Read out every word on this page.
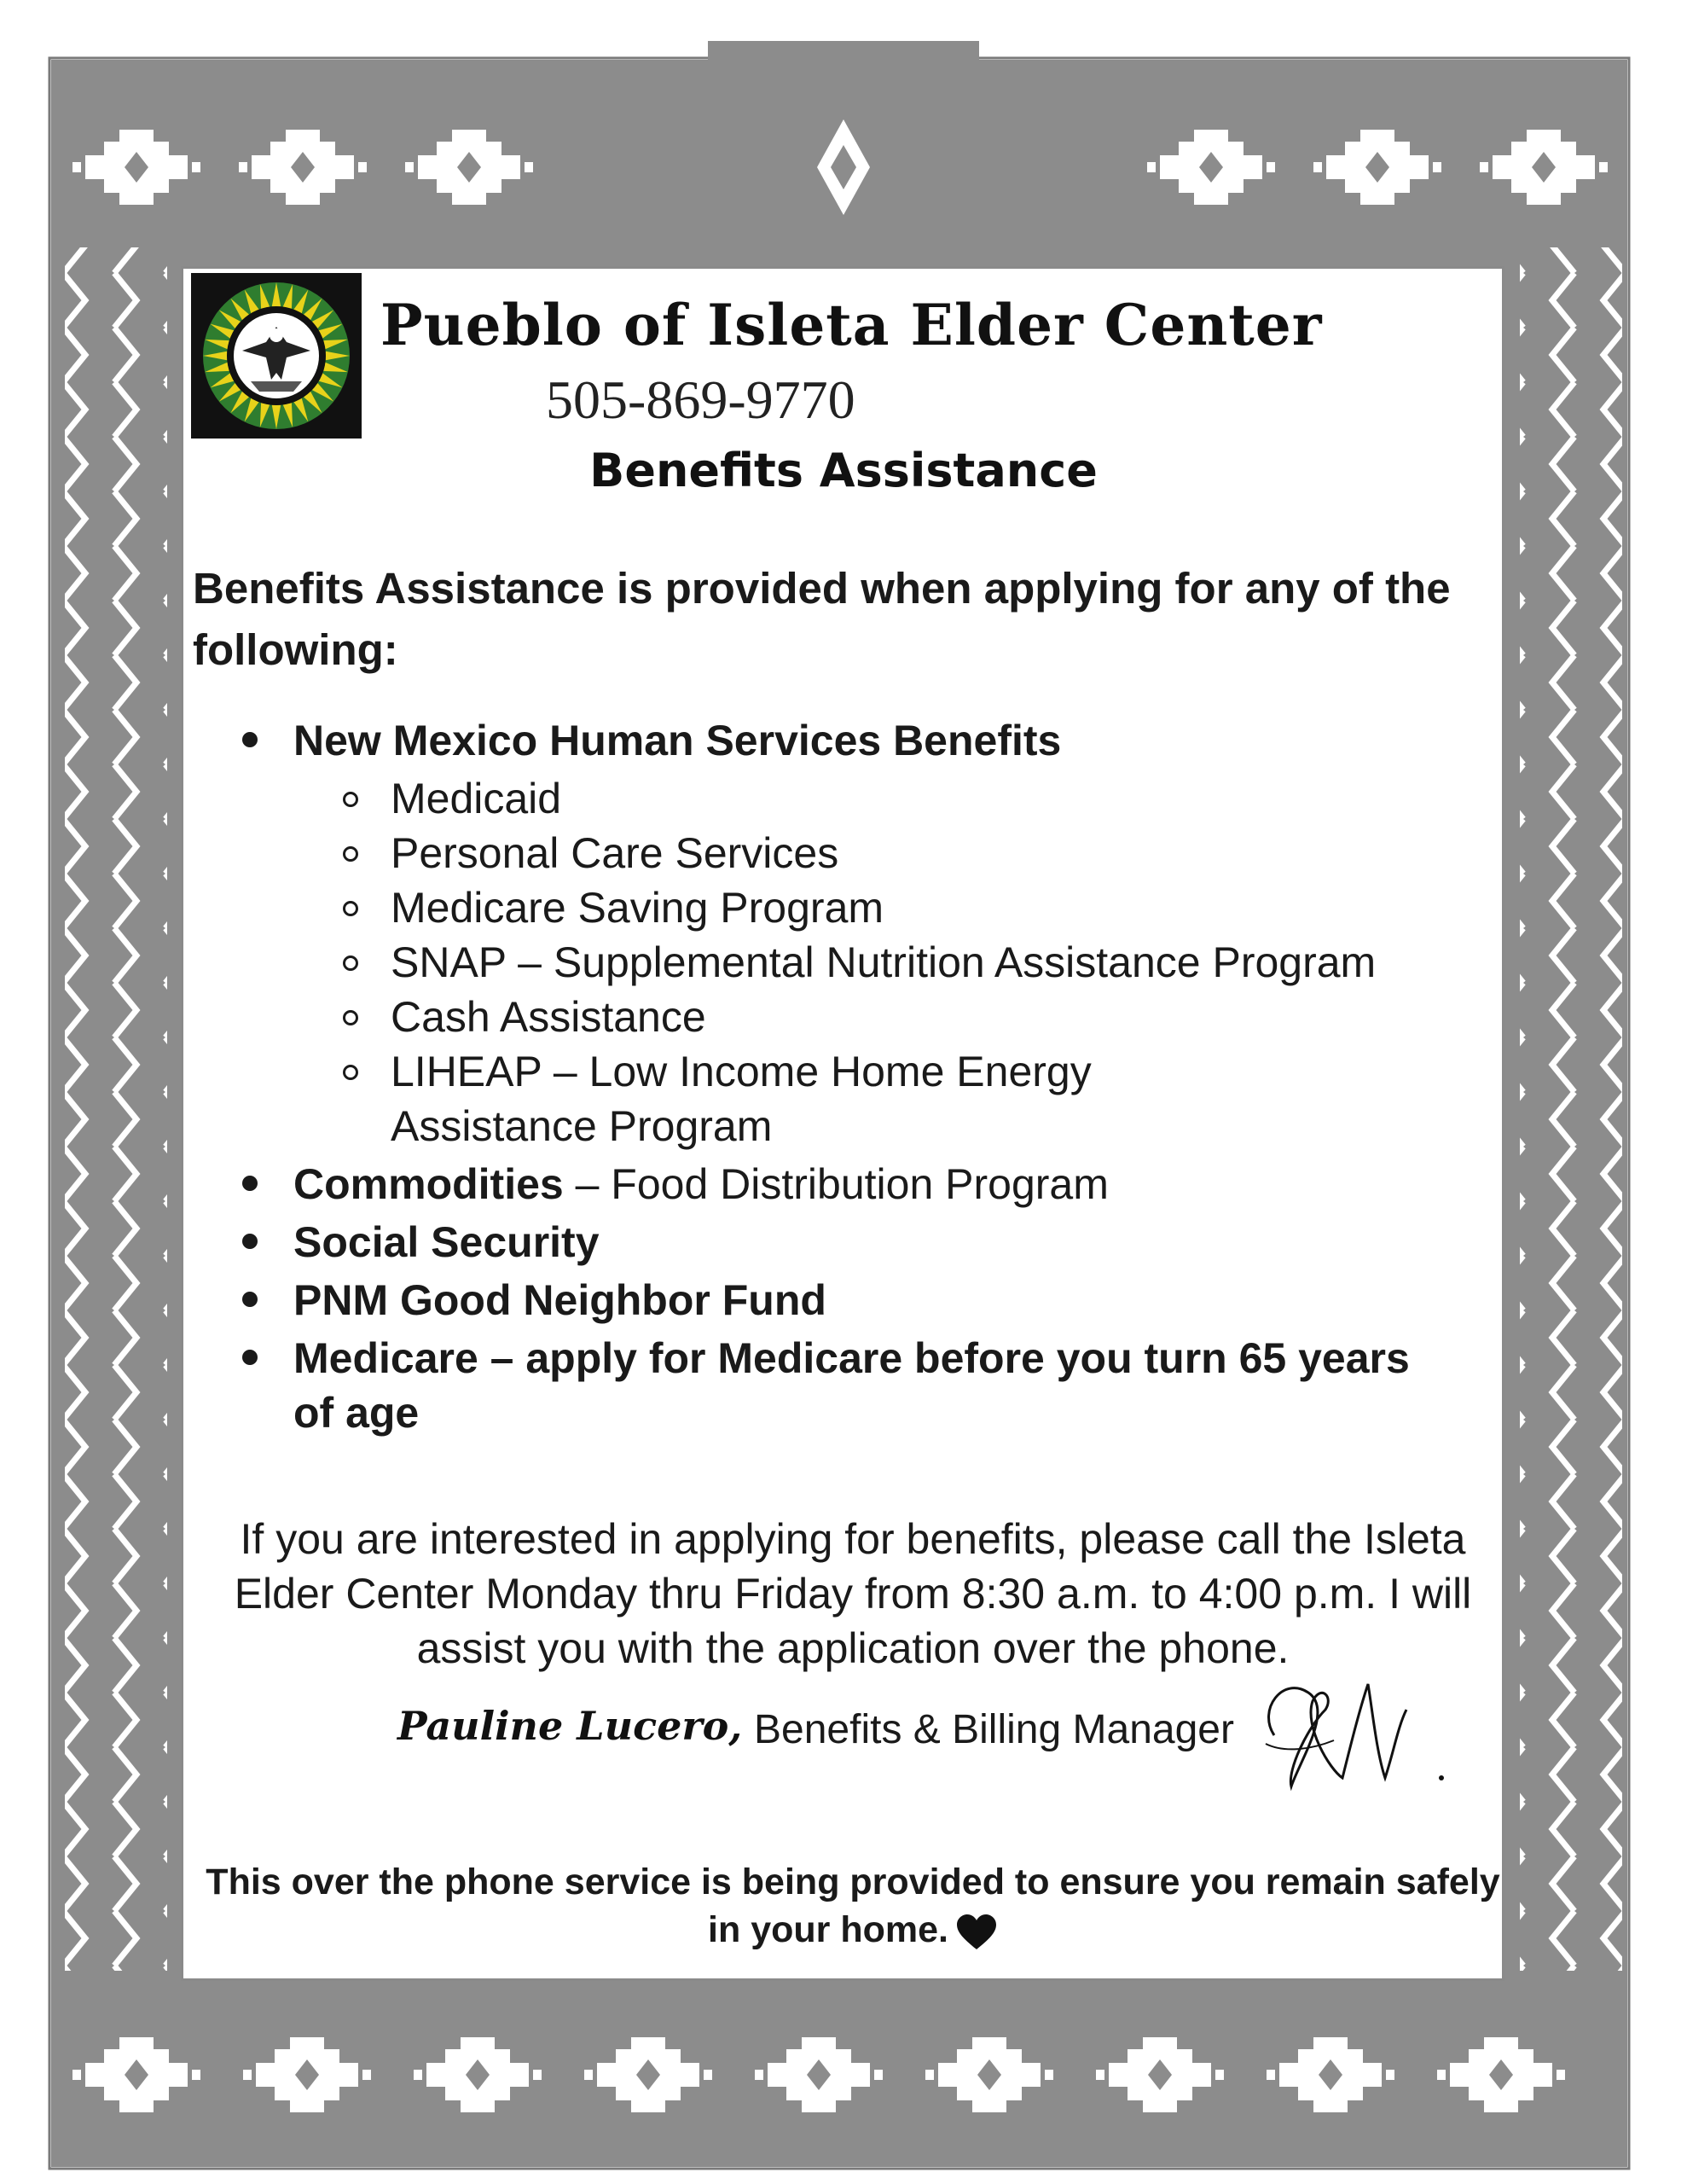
Pueblo of Isleta Elder Center
505-869-9770
Benefits Assistance
Benefits Assistance is provided when applying for any of the following:
New Mexico Human Services Benefits
Medicaid
Personal Care Services
Medicare Saving Program
SNAP – Supplemental Nutrition Assistance Program
Cash Assistance
LIHEAP – Low Income Home Energy Assistance Program
Commodities – Food Distribution Program
Social Security
PNM Good Neighbor Fund
Medicare – apply for Medicare before you turn 65 years of age
If you are interested in applying for benefits, please call the Isleta Elder Center Monday thru Friday from 8:30 a.m. to 4:00 p.m. I will assist you with the application over the phone.
Pauline Lucero, Benefits & Billing Manager
This over the phone service is being provided to ensure you remain safely in your home.
